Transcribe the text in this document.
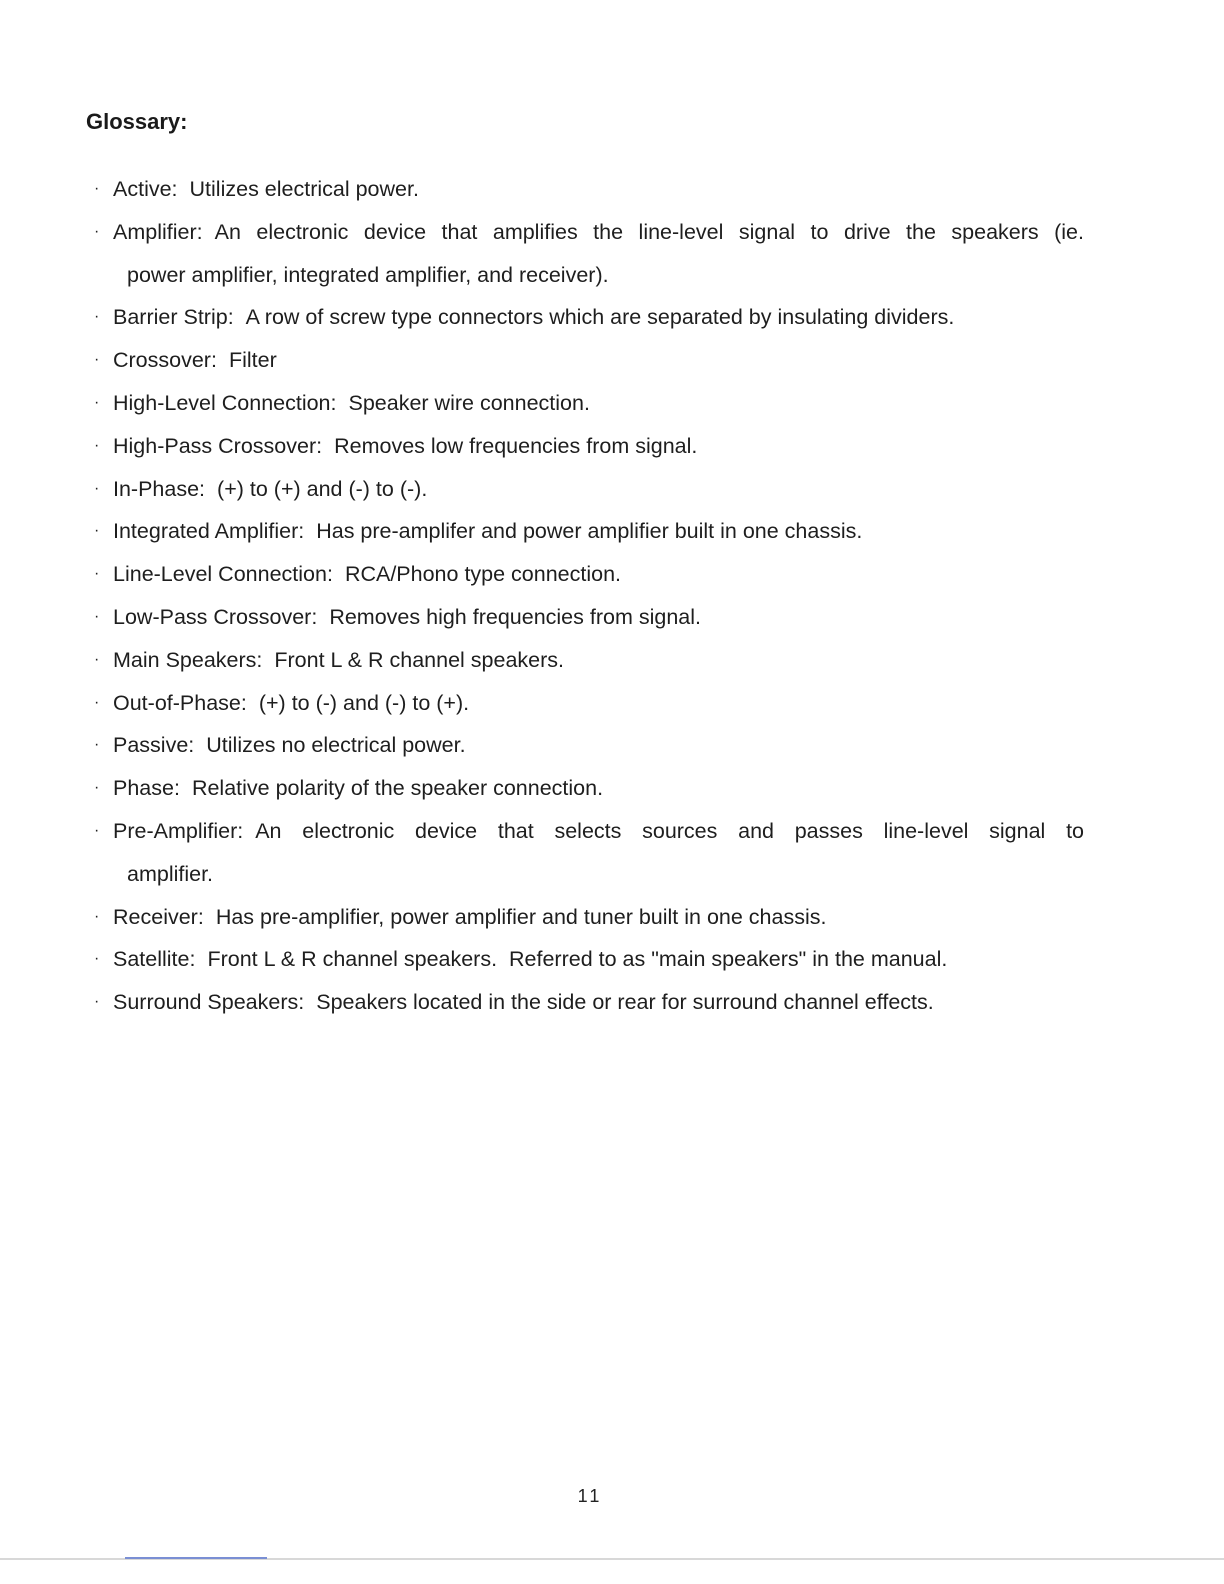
Glossary:
· Active: Utilizes electrical power.
· Amplifier: An electronic device that amplifies the line-level signal to drive the speakers (ie.
power amplifier, integrated amplifier, and receiver).
· Barrier Strip: A row of screw type connectors which are separated by insulating dividers.
· Crossover: Filter
· High-Level Connection: Speaker wire connection.
· High-Pass Crossover: Removes low frequencies from signal.
· In-Phase: (+) to (+) and (-) to (-).
· Integrated Amplifier: Has pre-amplifer and power amplifier built in one chassis.
· Line-Level Connection: RCA/Phono type connection.
· Low-Pass Crossover: Removes high frequencies from signal.
· Main Speakers: Front L & R channel speakers.
· Out-of-Phase: (+) to (-) and (-) to (+).
· Passive: Utilizes no electrical power.
· Phase: Relative polarity of the speaker connection.
· Pre-Amplifier: An electronic device that selects sources and passes line-level signal to
amplifier.
· Receiver: Has pre-amplifier, power amplifier and tuner built in one chassis.
· Satellite: Front L & R channel speakers.  Referred to as "main speakers" in the manual.
· Surround Speakers: Speakers located in the side or rear for surround channel effects.
11
